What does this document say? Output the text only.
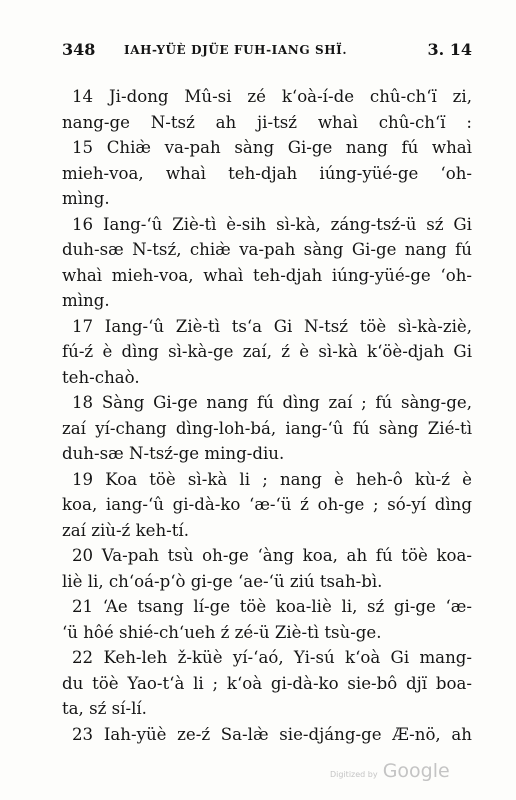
348 IAH-YÜÈ DJÜE FUH-IANG SHÏ.	3. 14
14 Ji-dong Mû-si zé k‘oà-í-de chû-ch‘ï zi,
nang-ge N-tsź ah ji-tsź whaì chû-ch‘ï :
15 Chiæ̀ va-pah sàng Gi-ge nang fú whaì
mieh-voa, whaì teh-djah iúng-yüé-ge ‘oh-
mìng.
16 Iang-‘û Ziè-tì è-sih sì-kà, záng-tsź-ü sź Gi
duh-sæ N-tsź, chiæ̀ va-pah sàng Gi-ge nang fú
whaì mieh-voa, whaì teh-djah iúng-yüé-ge ‘oh-
mìng.
17 Iang-‘û Ziè-tì ts‘a Gi N-tsź töè sì-kà-ziè,
fú-ź è dìng sì-kà-ge zaí, ź è sì-kà k‘öè-djah Gi
teh-chaò.
18 Sàng Gi-ge nang fú dìng zaí ; fú sàng-ge,
zaí yí-chang dìng-loh-bá, iang-‘û fú sàng Zié-tì
duh-sæ N-tsź-ge ming-diu.
19 Koa töè sì-kà li ; nang è heh-ô kù-ź è
koa, iang-‘û gi-dà-ko ‘æ-‘ü ź oh-ge ; só-yí dìng
zaí ziù-ź keh-tí.
20 Va-pah tsù oh-ge ‘àng koa, ah fú töè koa-
liè li, ch‘oá-p‘ò gi-ge ‘ae-‘ü ziú tsah-bì.
21 ‘Ae tsang lí-ge töè koa-liè li, sź gi-ge ‘æ-
‘ü hôé shié-ch‘ueh ź zé-ü Ziè-tì tsù-ge.
22 Keh-leh ž-küè yí-‘aó, Yi-sú k‘oà Gi mang-
du töè Yao-t‘à li ; k‘oà gi-dà-ko sie-bô djï boa-
ta, sź sí-lí.
23 Iah-yüè ze-ź Sa-læ̀ sie-djáng-ge Æ-nö, ah
Digitized by Google
